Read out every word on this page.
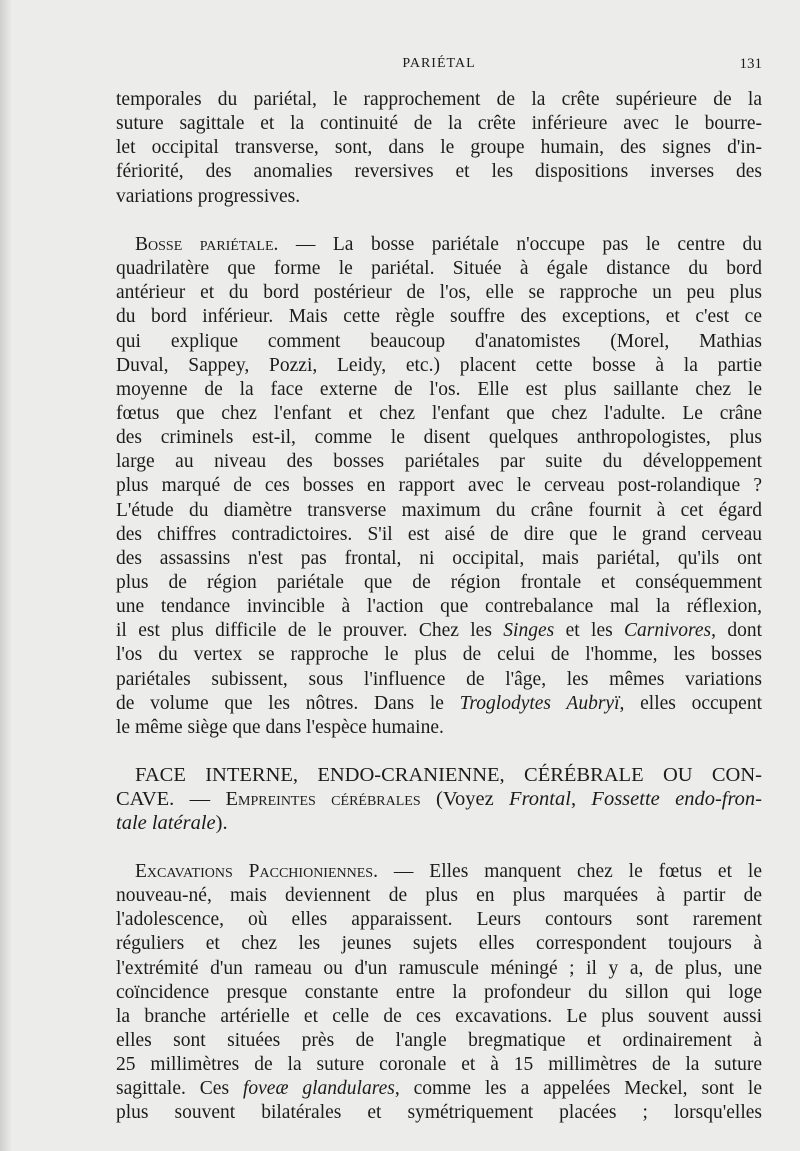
PARIÉTAL	131
temporales du pariétal, le rapprochement de la crête supérieure de la
suture sagittale et la continuité de la crête inférieure avec le bourre-
let occipital transverse, sont, dans le groupe humain, des signes d'in-
fériorité, des anomalies reversives et les dispositions inverses des
variations progressives.
Bosse pariétale. — La bosse pariétale n'occupe pas le centre du
quadrilatère que forme le pariétal. Située à égale distance du bord
antérieur et du bord postérieur de l'os, elle se rapproche un peu plus
du bord inférieur. Mais cette règle souffre des exceptions, et c'est ce
qui explique comment beaucoup d'anatomistes (Morel, Mathias
Duval, Sappey, Pozzi, Leidy, etc.) placent cette bosse à la partie
moyenne de la face externe de l'os. Elle est plus saillante chez le
fœtus que chez l'enfant et chez l'enfant que chez l'adulte. Le crâne
des criminels est-il, comme le disent quelques anthropologistes, plus
large au niveau des bosses pariétales par suite du développement
plus marqué de ces bosses en rapport avec le cerveau post-rolandique ?
L'étude du diamètre transverse maximum du crâne fournit à cet égard
des chiffres contradictoires. S'il est aisé de dire que le grand cerveau
des assassins n'est pas frontal, ni occipital, mais pariétal, qu'ils ont
plus de région pariétale que de région frontale et conséquemment
une tendance invincible à l'action que contrebalance mal la réflexion,
il est plus difficile de le prouver. Chez les Singes et les Carnivores, dont
l'os du vertex se rapproche le plus de celui de l'homme, les bosses
pariétales subissent, sous l'influence de l'âge, les mêmes variations
de volume que les nôtres. Dans le Troglodytes Aubryï, elles occupent
le même siège que dans l'espèce humaine.
FACE INTERNE, ENDO-CRANIENNE, CÉRÉBRALE OU CON-
CAVE. — Empreintes cérébrales (Voyez Frontal, Fossette endo-fron-
tale latérale).
Excavations Pacchioniennes. — Elles manquent chez le fœtus et le
nouveau-né, mais deviennent de plus en plus marquées à partir de
l'adolescence, où elles apparaissent. Leurs contours sont rarement
réguliers et chez les jeunes sujets elles correspondent toujours à
l'extrémité d'un rameau ou d'un ramuscule méningé ; il y a, de plus, une
coïncidence presque constante entre la profondeur du sillon qui loge
la branche artérielle et celle de ces excavations. Le plus souvent aussi
elles sont situées près de l'angle bregmatique et ordinairement à
25 millimètres de la suture coronale et à 15 millimètres de la suture
sagittale. Ces foveæ glandulares, comme les a appelées Meckel, sont le
plus souvent bilatérales et symétriquement placées ; lorsqu'elles
